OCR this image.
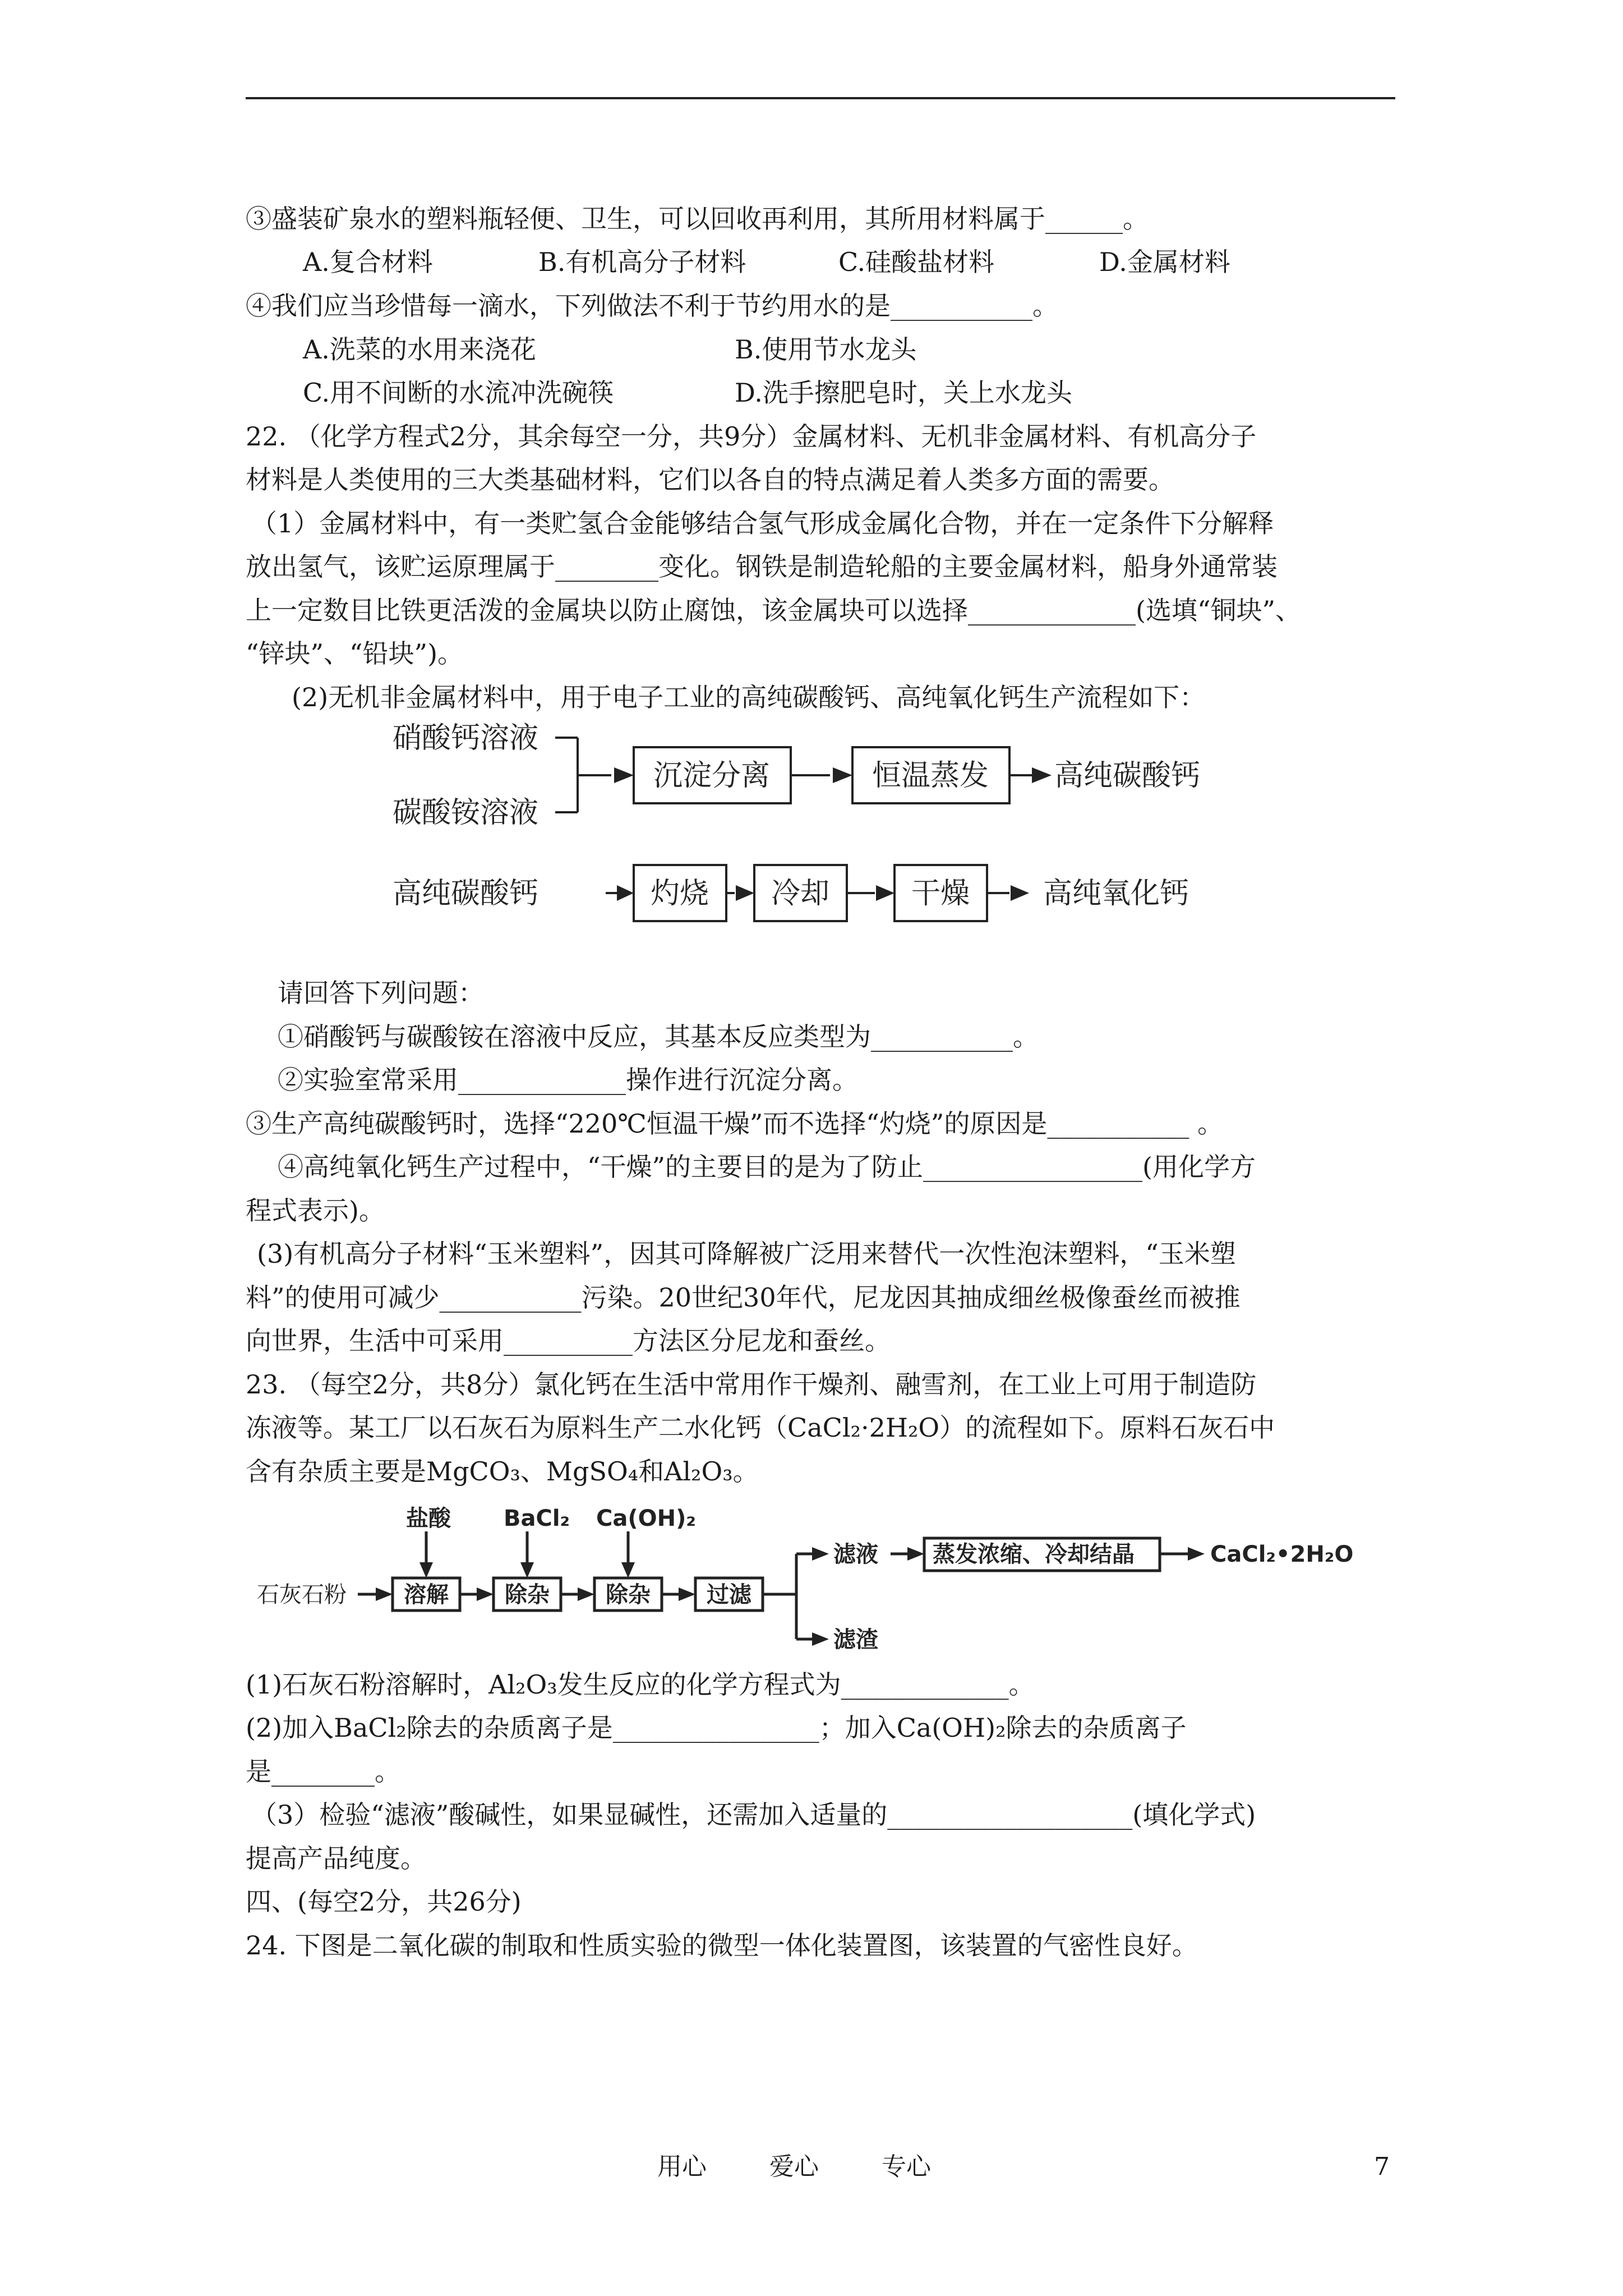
③盛装矿泉水的塑料瓶轻便、卫生，可以回收再利用，其所用材料属于______。
A.复合材料	B.有机高分子材料	C.硅酸盐材料	D.金属材料
④我们应当珍惜每一滴水，下列做法不利于节约用水的是___________。
A.洗菜的水用来浇花	B.使用节水龙头
C.用不间断的水流冲洗碗筷	D.洗手擦肥皂时，关上水龙头
22. （化学方程式2分，其余每空一分，共9分）金属材料、无机非金属材料、有机高分子
材料是人类使用的三大类基础材料，它们以各自的特点满足着人类多方面的需要。
（1）金属材料中，有一类贮氢合金能够结合氢气形成金属化合物，并在一定条件下分解释
放出氢气，该贮运原理属于________变化。钢铁是制造轮船的主要金属材料，船身外通常装
上一定数目比铁更活泼的金属块以防止腐蚀，该金属块可以选择_____________(选填“铜块”、
“锌块”、“铅块”)。
(2)无机非金属材料中，用于电子工业的高纯碳酸钙、高纯氧化钙生产流程如下：
硝酸钙溶液
碳酸铵溶液
沉淀分离	恒温蒸发 高纯碳酸钙
高纯碳酸钙	灼烧 冷却	干燥	高纯氧化钙
请回答下列问题：
①硝酸钙与碳酸铵在溶液中反应，其基本反应类型为___________。
②实验室常采用_____________操作进行沉淀分离。
③生产高纯碳酸钙时，选择“220℃恒温干燥”而不选择“灼烧”的原因是___________ 。
④高纯氧化钙生产过程中，“干燥”的主要目的是为了防止_________________(用化学方
程式表示)。
(3)有机高分子材料“玉米塑料”，因其可降解被广泛用来替代一次性泡沫塑料，“玉米塑
料”的使用可减少___________污染。20世纪30年代，尼龙因其抽成细丝极像蚕丝而被推
向世界，生活中可采用__________方法区分尼龙和蚕丝。
23. （每空2分，共8分）氯化钙在生活中常用作干燥剂、融雪剂，在工业上可用于制造防
冻液等。某工厂以石灰石为原料生产二水化钙（CaCl₂·2H₂O）的流程如下。原料石灰石中
含有杂质主要是MgCO₃、MgSO₄和Al₂O₃。
盐酸 BaCl₂ Ca(OH)₂
石灰石粉	溶解	除杂	除杂	过滤
滤液
滤渣
蒸发浓缩、冷却结晶	CaCl₂•2H₂O
(1)石灰石粉溶解时，Al₂O₃发生反应的化学方程式为_____________。
(2)加入BaCl₂除去的杂质离子是________________；加入Ca(OH)₂除去的杂质离子
是________。
（3）检验“滤液”酸碱性，如果显碱性，还需加入适量的___________________(填化学式)
提高产品纯度。
四、(每空2分，共26分)
24. 下图是二氧化碳的制取和性质实验的微型一体化装置图，该装置的气密性良好。
用心	爱心	专心	7
